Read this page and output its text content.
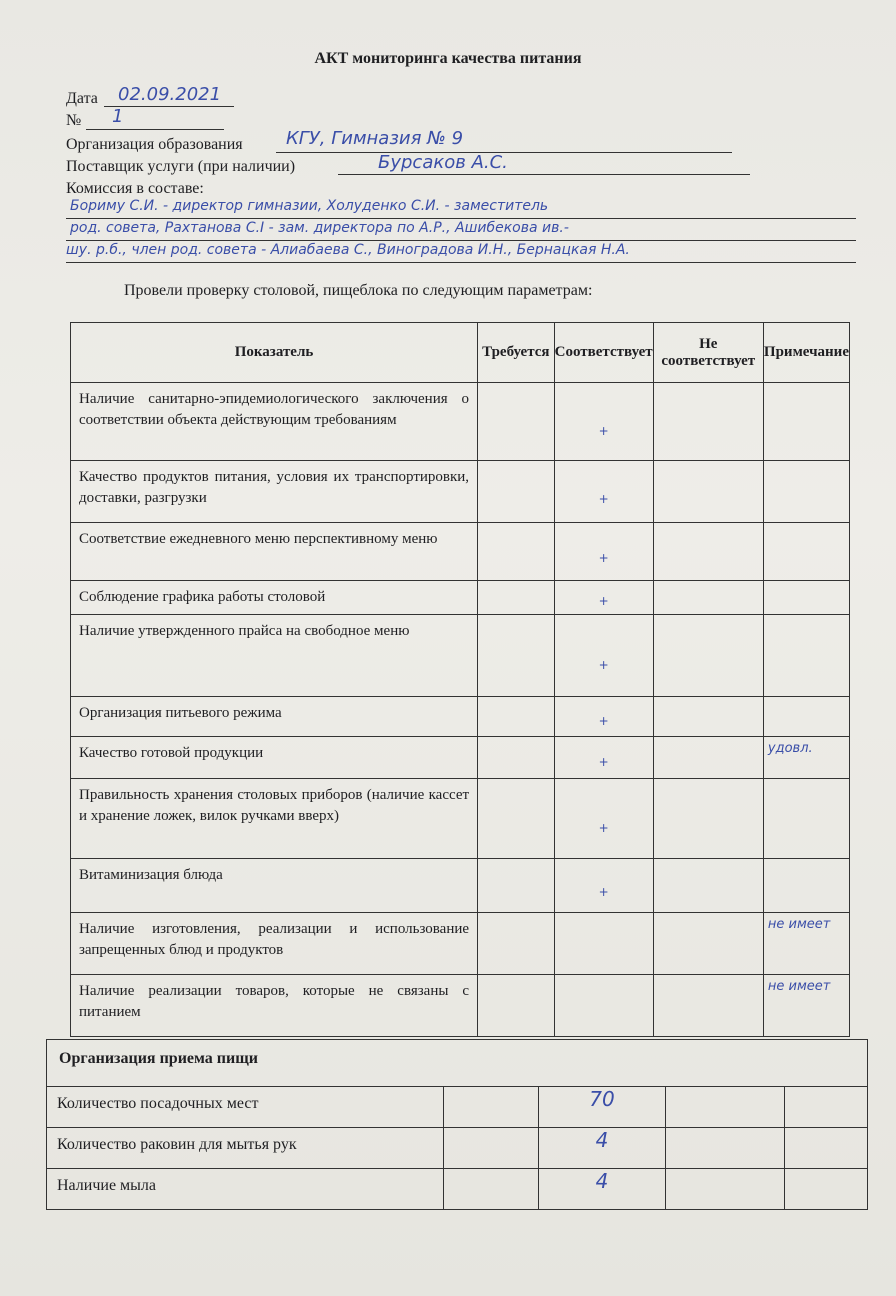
АКТ мониторинга качества питания
Дата 02.09.2021
№ 1
Организация образования КГУ, Гимназия № 9
Поставщик услуги (при наличии)	Бурсаков А.С.
Комиссия в составе:
Бориму С.И. - директор гимназии, Холуденко С.И. - заместитель
род. совета, Рахтанова С.І - зам. директора по А.Р., Ашибекова ив.-
шу. р.б., член род. совета - Алиабаева С., Виноградова И.Н., Бернацкая Н.А.
Провели проверку столовой, пищеблока по следующим параметрам:
Показатель	Требуется	Соответствует	Не соответствует	Примечание
Наличие санитарно-эпидемиологического заключения о соответствии объекта действующим требованиям		+		

Качество продуктов питания, условия их транспортировки, доставки, разгрузки		+		

Соответствие ежедневного меню перспективному меню		+		

Соблюдение графика работы столовой		+		

Наличие утвержденного прайса на свободное меню		+		

Организация питьевого режима		+		

Качество готовой продукции		+		удовл.

Правильность хранения столовых приборов (наличие кассет и хранение ложек, вилок ручками вверх)		+		

Витаминизация блюда		+		

Наличие изготовления, реализации и использование запрещенных блюд и продуктов				не имеет

Наличие реализации товаров, которые не связаны с питанием				не имеет
Организация приема пищи				
Количество посадочных мест		70		
Количество раковин для мытья рук		4		
Наличие мыла		4		
